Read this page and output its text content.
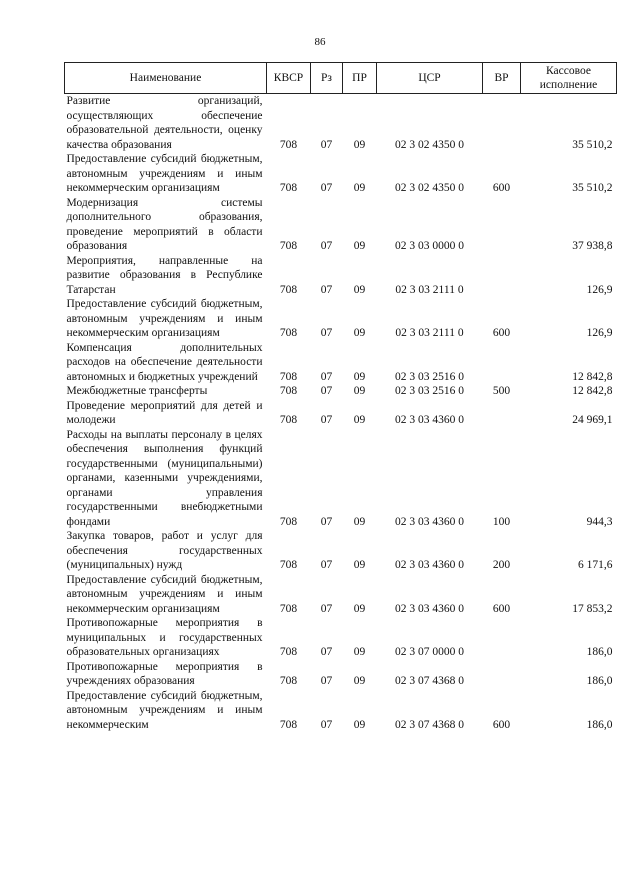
86
Наименование	КВСР	Рз	ПР	ЦСР	ВР	Кассовое исполнение
Развитие организаций, осуществляющих обеспечение образовательной деятельности, оценку качества образования	708	07	09	02 3 02 4350 0		35 510,2
Предоставление субсидий бюджетным, автономным учреждениям и иным некоммерческим организациям	708	07	09	02 3 02 4350 0	600	35 510,2
Модернизация системы дополнительного образования, проведение мероприятий в области образования	708	07	09	02 3 03 0000 0		37 938,8
Мероприятия, направленные на развитие образования в Республике Татарстан	708	07	09	02 3 03 2111 0		126,9
Предоставление субсидий бюджетным, автономным учреждениям и иным некоммерческим организациям	708	07	09	02 3 03 2111 0	600	126,9
Компенсация дополнительных расходов на обеспечение деятельности автономных и бюджетных учреждений	708	07	09	02 3 03 2516 0		12 842,8
Межбюджетные трансферты	708	07	09	02 3 03 2516 0	500	12 842,8
Проведение мероприятий для детей и молодежи	708	07	09	02 3 03 4360 0		24 969,1
Расходы на выплаты персоналу в целях обеспечения выполнения функций государственными (муниципальными) органами, казенными учреждениями, органами управления государственными внебюджетными фондами	708	07	09	02 3 03 4360 0	100	944,3
Закупка товаров, работ и услуг для обеспечения государственных (муниципальных) нужд	708	07	09	02 3 03 4360 0	200	6 171,6
Предоставление субсидий бюджетным, автономным учреждениям и иным некоммерческим организациям	708	07	09	02 3 03 4360 0	600	17 853,2
Противопожарные мероприятия в муниципальных и государственных образовательных организациях	708	07	09	02 3 07 0000 0		186,0
Противопожарные мероприятия в учреждениях образования	708	07	09	02 3 07 4368 0		186,0
Предоставление субсидий бюджетным, автономным учреждениям и иным некоммерческим	708	07	09	02 3 07 4368 0	600	186,0
